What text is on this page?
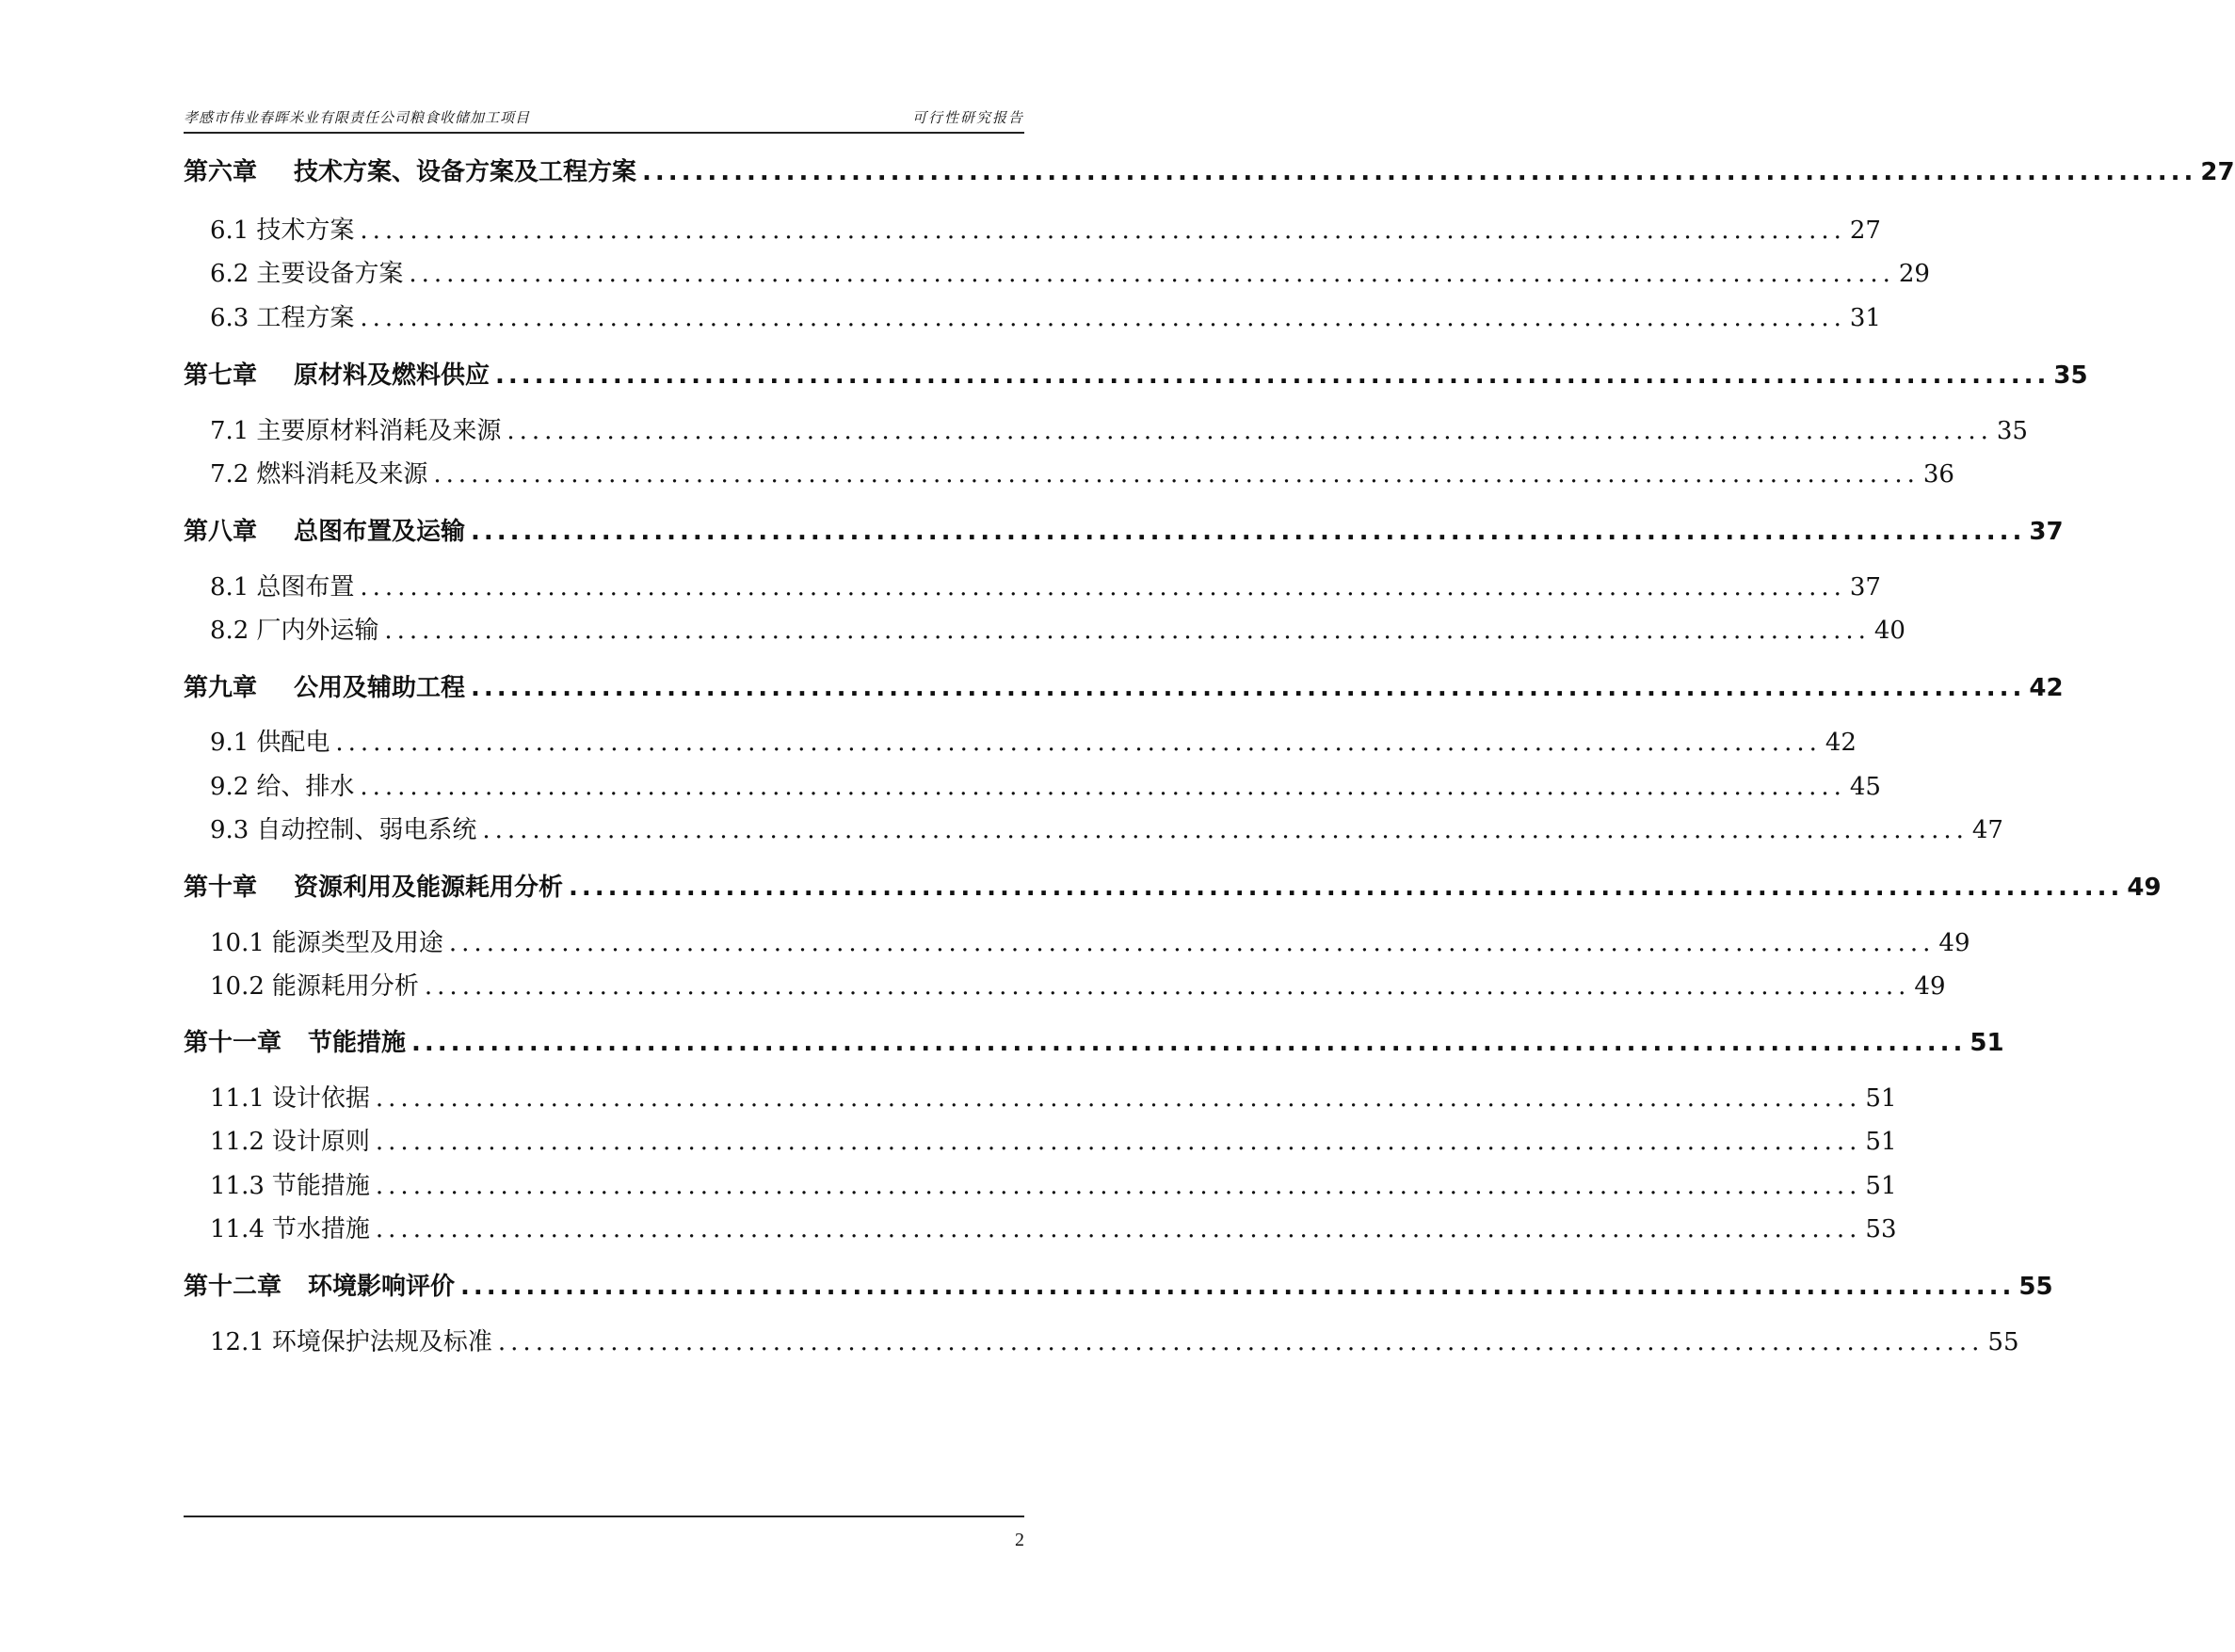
孝感市伟业春晖米业有限责任公司粮食收储加工项目	可行性研究报告
第六章	技术方案、设备方案及工程方案 ....................................................................................................................... 27
6.1 技术方案 ....................................................................................................................... 27
6.2 主要设备方案 ....................................................................................................................... 29
6.3 工程方案 ....................................................................................................................... 31
第七章	原材料及燃料供应 ....................................................................................................................... 35
7.1 主要原材料消耗及来源 ....................................................................................................................... 35
7.2 燃料消耗及来源 ....................................................................................................................... 36
第八章	总图布置及运输 ....................................................................................................................... 37
8.1 总图布置 ....................................................................................................................... 37
8.2 厂内外运输 ....................................................................................................................... 40
第九章	公用及辅助工程 ....................................................................................................................... 42
9.1 供配电 ....................................................................................................................... 42
9.2 给、排水 ....................................................................................................................... 45
9.3 自动控制、弱电系统 ....................................................................................................................... 47
第十章	资源利用及能源耗用分析 ....................................................................................................................... 49
10.1 能源类型及用途 ....................................................................................................................... 49
10.2 能源耗用分析 ....................................................................................................................... 49
第十一章	节能措施 ....................................................................................................................... 51
11.1 设计依据 ....................................................................................................................... 51
11.2 设计原则 ....................................................................................................................... 51
11.3 节能措施 ....................................................................................................................... 51
11.4 节水措施 ....................................................................................................................... 53
第十二章	环境影响评价 ....................................................................................................................... 55
12.1 环境保护法规及标准 ....................................................................................................................... 55
2
